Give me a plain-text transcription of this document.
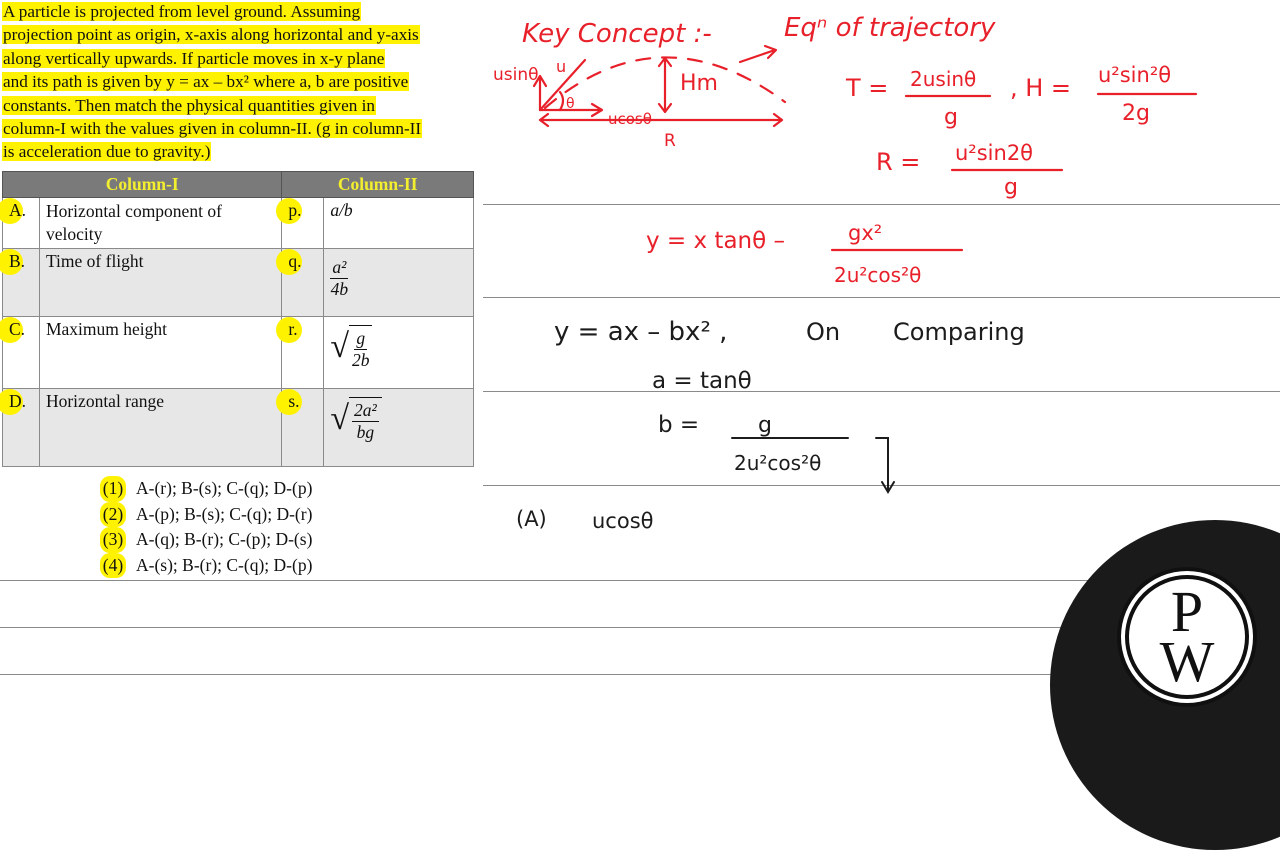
A particle is projected from level ground. Assuming
projection point as origin, x-axis along horizontal and y-axis
along vertically upwards. If particle moves in x-y plane
and its path is given by y = ax – bx² where a, b are positive
constants. Then match the physical quantities given in
column-I with the values given in column-II. (g in column-II
is acceleration due to gravity.)
Column-I		Column-II	

A.	Horizontal component of velocity	p.	a/b

B.	Time of flight	q.	$\frac{\text{a²}}{4b}$

C.	Maximum height	r.	√ $\frac{g}{2b}$

D.	Horizontal range	s.	√ $\frac{\text{2a²}}{bg}$
(1) A-(r); B-(s); C-(q); D-(p)
(2) A-(p); B-(s); C-(q); D-(r)
(3) A-(q); B-(r); C-(p); D-(s)
(4) A-(s); B-(r); C-(q); D-(p)
Key Concept :-	Eqⁿ of trajectory
usinθ u
θ
Hm
ucosθ
R
T = 2usinθ
g
, H = u²sin²θ
2g
R = u²sin2θ
g
y = x tanθ –	gx²
2u²cos²θ
y = ax – bx² ,	On Comparing
a = tanθ
b =	g
2u²cos²θ
(A) ucosθ
P
W
